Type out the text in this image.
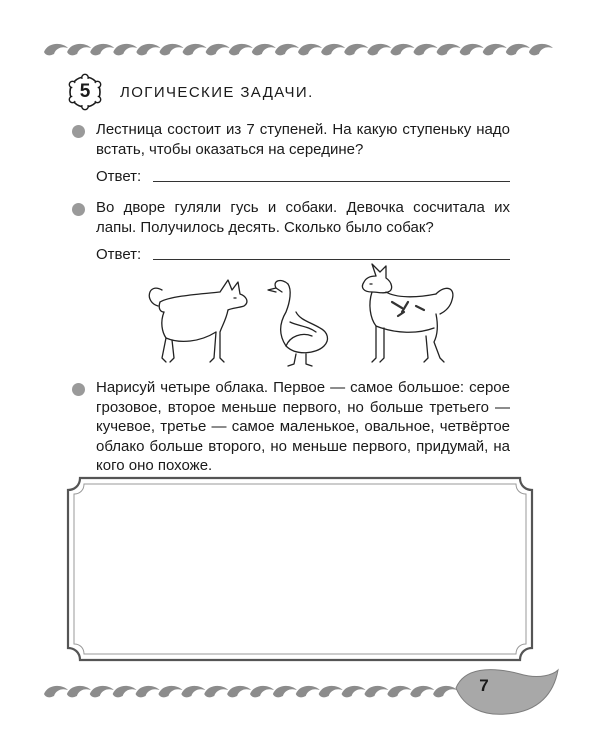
5	ЛОГИЧЕСКИЕ ЗАДАЧИ.
Лестница состоит из 7 ступеней. На какую ступеньку надо встать, чтобы оказаться на середине?
Ответ:
Во дворе гуляли гусь и собаки. Девочка сосчитала их лапы. Получилось десять. Сколько было собак?
Ответ:
Нарисуй четыре облака. Первое — самое большое: серое грозовое, второе меньше первого, но больше третьего — кучевое, третье — самое маленькое, овальное, четвёртое облако больше второго, но меньше первого, придумай, на кого оно похоже.
7
